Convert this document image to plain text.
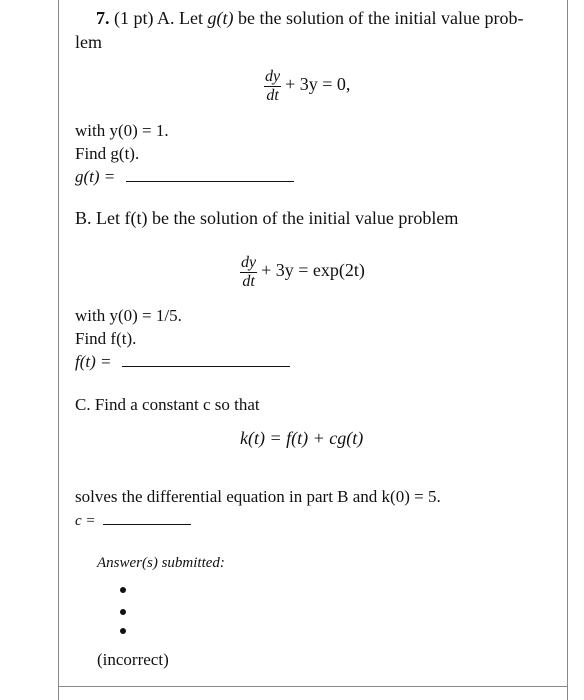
7. (1 pt) A. Let g(t) be the solution of the initial value prob-
lem
$\frac{dy}{dt} + 3y = 0$,
with y(0) = 1.
Find g(t).
g(t) =
B. Let f(t) be the solution of the initial value problem
$\frac{dy}{dt} + 3y = \exp(2t)$
with y(0) = 1/5.
Find f(t).
f(t) =
C. Find a constant c so that
k(t) = f(t) + cg(t)
solves the differential equation in part B and k(0) = 5.
c =
Answer(s) submitted:
(incorrect)
